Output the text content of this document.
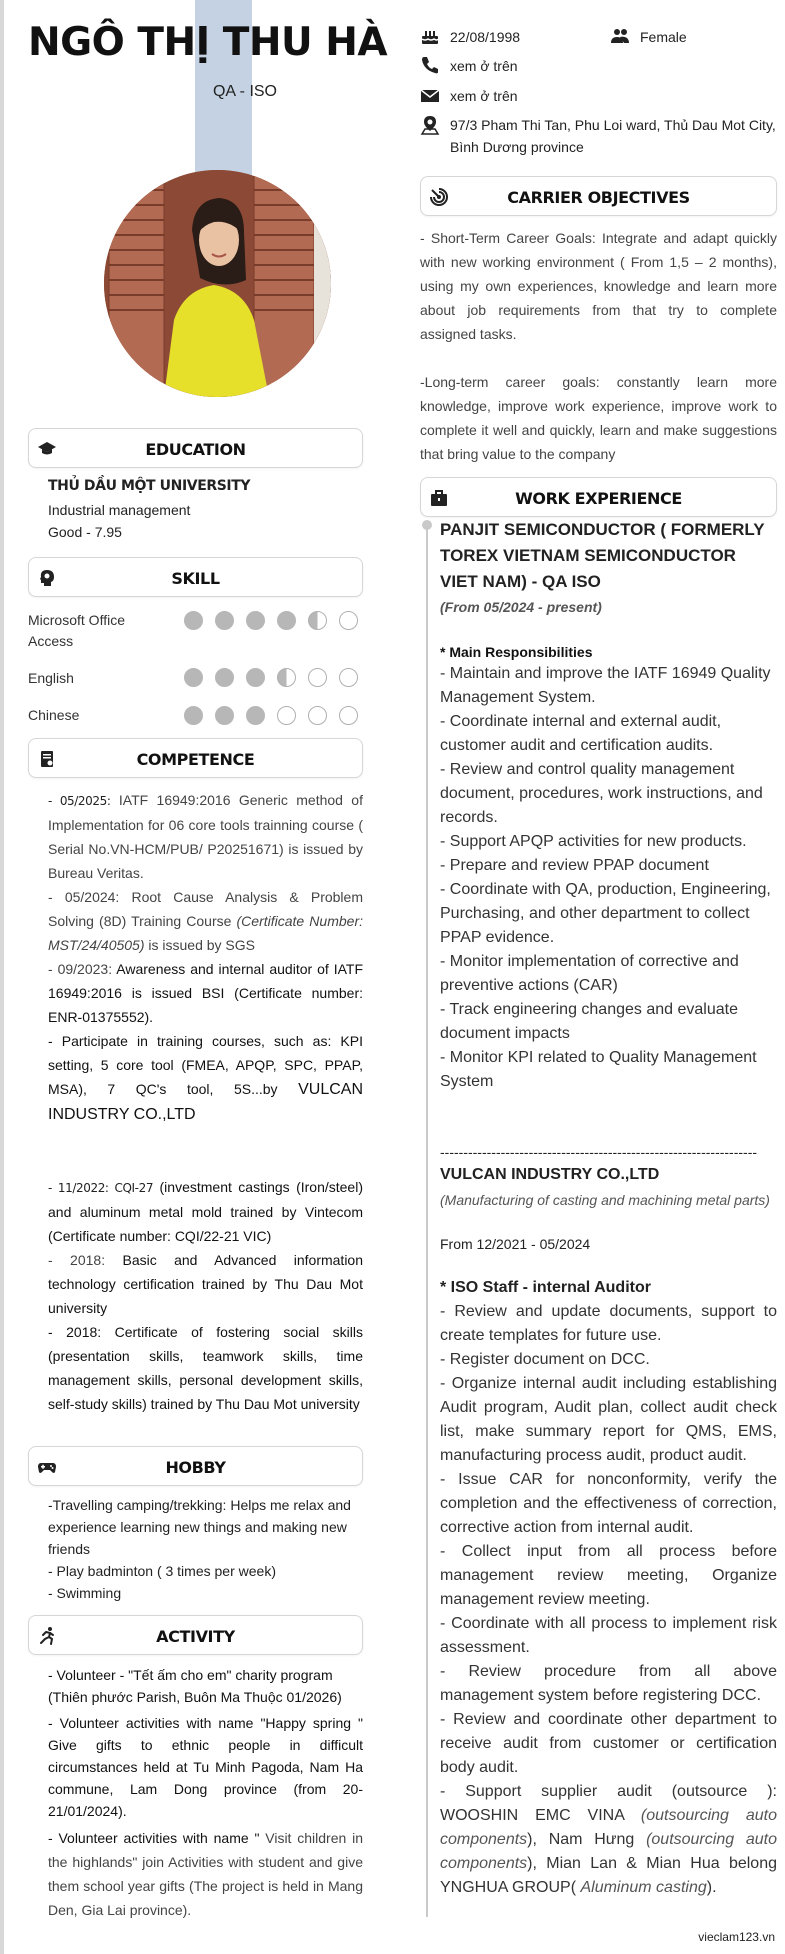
NGÔ THỊ THU HÀ
QA - ISO
EDUCATION
THỦ DẦU MỘT UNIVERSITY
Industrial management
Good - 7.95
SKILL
Microsoft Office Access
English
Chinese
COMPETENCE
- 05/2025: IATF 16949:2016 Generic method of Implementation for 06 core tools trainning course ( Serial No.VN-HCM/PUB/ P20251671) is issued by Bureau Veritas.
- 05/2024: Root Cause Analysis & Problem Solving (8D) Training Course (Certificate Number: MST/24/40505) is issued by SGS
- 09/2023: Awareness and internal auditor of IATF 16949:2016 is issued BSI (Certificate number: ENR-01375552).
- Participate in training courses, such as: KPI setting, 5 core tool (FMEA, APQP, SPC, PPAP, MSA), 7 QC's tool, 5S...by VULCAN INDUSTRY CO.,LTD
- 11/2022: CQI-27 (investment castings (Iron/steel) and aluminum metal mold trained by Vintecom (Certificate number: CQI/22-21 VIC)
- 2018: Basic and Advanced information technology certification trained by Thu Dau Mot university
- 2018: Certificate of fostering social skills (presentation skills, teamwork skills, time management skills, personal development skills, self-study skills) trained by Thu Dau Mot university
HOBBY
-Travelling camping/trekking: Helps me relax and experience learning new things and making new friends
- Play badminton ( 3 times per week)
- Swimming
ACTIVITY
- Volunteer - "Tết ấm cho em" charity program (Thiên phước Parish, Buôn Ma Thuộc 01/2026)
- Volunteer activities with name "Happy spring " Give gifts to ethnic people in difficult circumstances held at Tu Minh Pagoda, Nam Ha commune, Lam Dong province (from 20-21/01/2024).
- Volunteer activities with name " Visit children in the highlands" join Activities with student and give them school year gifts (The project is held in Mang Den, Gia Lai province).
22/08/1998	Female
xem ở trên
xem ở trên
97/3 Pham Thi Tan, Phu Loi ward, Thủ Dau Mot City, Bình Dương province
CARRIER OBJECTIVES
- Short-Term Career Goals: Integrate and adapt quickly with new working environment ( From 1,5 – 2 months), using my own experiences, knowledge and learn more about job requirements from that try to complete assigned tasks.
-Long-term career goals: constantly learn more knowledge, improve work experience, improve work to complete it well and quickly, learn and make suggestions that bring value to the company
WORK EXPERIENCE
PANJIT SEMICONDUCTOR ( FORMERLY TOREX VIETNAM SEMICONDUCTOR VIET NAM) - QA ISO
(From 05/2024 - present)
* Main Responsibilities
- Maintain and improve the IATF 16949 Quality Management System.
- Coordinate internal and external audit, customer audit and certification audits.
- Review and control quality management document, procedures, work instructions, and records.
- Support APQP activities for new products.
- Prepare and review PPAP document
- Coordinate with QA, production, Engineering, Purchasing, and other department to collect PPAP evidence.
- Monitor implementation of corrective and preventive actions (CAR)
- Track engineering changes and evaluate document impacts
- Monitor KPI related to Quality Management System
--------------------------------------------------------------------
VULCAN INDUSTRY CO.,LTD
(Manufacturing of casting and machining metal parts)
From 12/2021 - 05/2024
* ISO Staff - internal Auditor
- Review and update documents, support to create templates for future use.
- Register document on DCC.
- Organize internal audit including establishing Audit program, Audit plan, collect audit check list, make summary report for QMS, EMS, manufacturing process audit, product audit.
- Issue CAR for nonconformity, verify the completion and the effectiveness of correction, corrective action from internal audit.
- Collect input from all process before management review meeting, Organize management review meeting.
- Coordinate with all process to implement risk assessment.
- Review procedure from all above management system before registering DCC.
- Review and coordinate other department to receive audit from customer or certification body audit.
- Support supplier audit (outsource ): WOOSHIN EMC VINA (outsourcing auto components), Nam Hưng (outsourcing auto components), Mian Lan & Mian Hua belong YNGHUA GROUP( Aluminum casting).
vieclam123.vn
